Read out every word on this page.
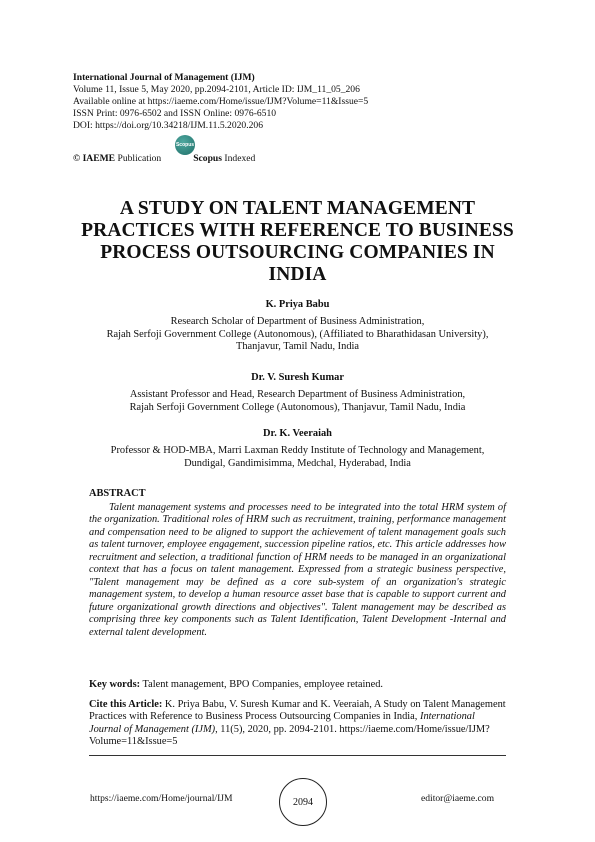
International Journal of Management (IJM)
Volume 11, Issue 5, May 2020, pp.2094-2101, Article ID: IJM_11_05_206
Available online at https://iaeme.com/Home/issue/IJM?Volume=11&Issue=5
ISSN Print: 0976-6502 and ISSN Online: 0976-6510
DOI: https://doi.org/10.34218/IJM.11.5.2020.206
© IAEME Publication
Scopus
Scopus Indexed
A STUDY ON TALENT MANAGEMENT
PRACTICES WITH REFERENCE TO BUSINESS
PROCESS OUTSOURCING COMPANIES IN
INDIA
K. Priya Babu
Research Scholar of Department of Business Administration,
Rajah Serfoji Government College (Autonomous), (Affiliated to Bharathidasan University),
Thanjavur, Tamil Nadu, India
Dr. V. Suresh Kumar
Assistant Professor and Head, Research Department of Business Administration,
Rajah Serfoji Government College (Autonomous), Thanjavur, Tamil Nadu, India
Dr. K. Veeraiah
Professor & HOD-MBA, Marri Laxman Reddy Institute of Technology and Management,
Dundigal, Gandimisimma, Medchal, Hyderabad, India
ABSTRACT
Talent management systems and processes need to be integrated into the total HRM system of the organization. Traditional roles of HRM such as recruitment, training, performance management and compensation need to be aligned to support the achievement of talent management goals such as talent turnover, employee engagement, succession pipeline ratios, etc. This article addresses how recruitment and selection, a traditional function of HRM needs to be managed in an organizational context that has a focus on talent management. Expressed from a strategic business perspective, "Talent management may be defined as a core sub-system of an organization's strategic management system, to develop a human resource asset base that is capable to support current and future organizational growth directions and objectives". Talent management may be described as comprising three key components such as Talent Identification, Talent Development -Internal and external talent development.
Key words: Talent management, BPO Companies, employee retained.
Cite this Article: K. Priya Babu, V. Suresh Kumar and K. Veeraiah, A Study on Talent Management Practices with Reference to Business Process Outsourcing Companies in India, International Journal of Management (IJM), 11(5), 2020, pp. 2094-2101. https://iaeme.com/Home/issue/IJM?Volume=11&Issue=5
https://iaeme.com/Home/journal/IJM	2094	editor@iaeme.com
